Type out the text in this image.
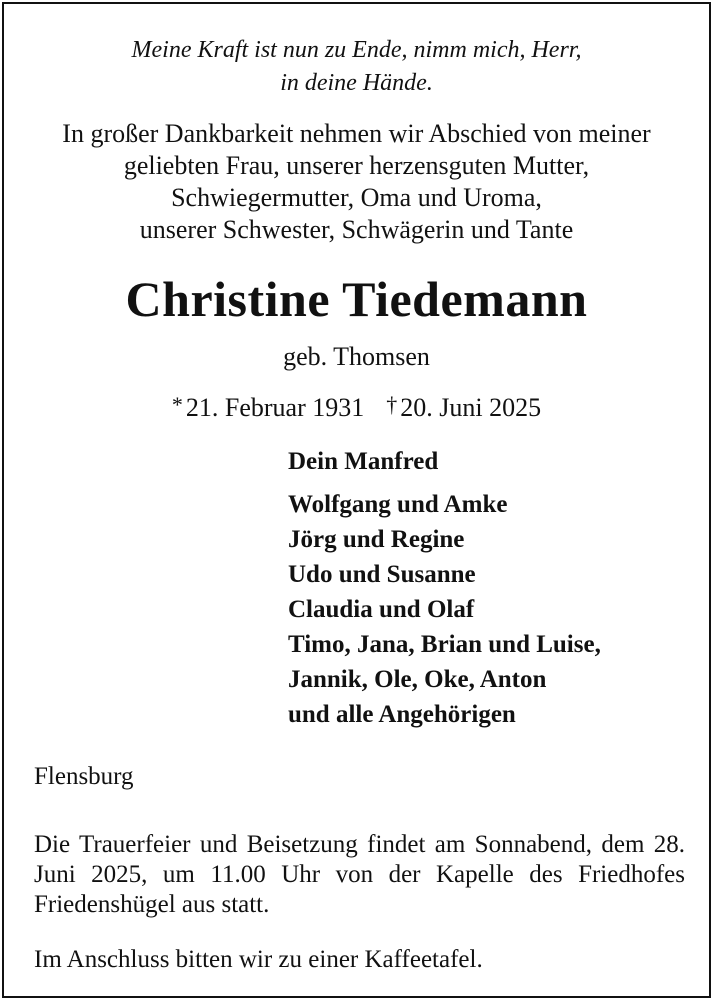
Meine Kraft ist nun zu Ende, nimm mich, Herr,
in deine Hände.
In großer Dankbarkeit nehmen wir Abschied von meiner
geliebten Frau, unserer herzensguten Mutter,
Schwiegermutter, Oma und Uroma,
unserer Schwester, Schwägerin und Tante
Christine Tiedemann
geb. Thomsen
* 21. Februar 1931 † 20. Juni 2025
Dein Manfred
Wolfgang und Amke
Jörg und Regine
Udo und Susanne
Claudia und Olaf
Timo, Jana, Brian und Luise,
Jannik, Ole, Oke, Anton
und alle Angehörigen
Flensburg
Die Trauerfeier und Beisetzung findet am Sonnabend, dem 28. Juni 2025, um 11.00 Uhr von der Kapelle des Friedhofes Friedenshügel aus statt.
Im Anschluss bitten wir zu einer Kaffeetafel.
